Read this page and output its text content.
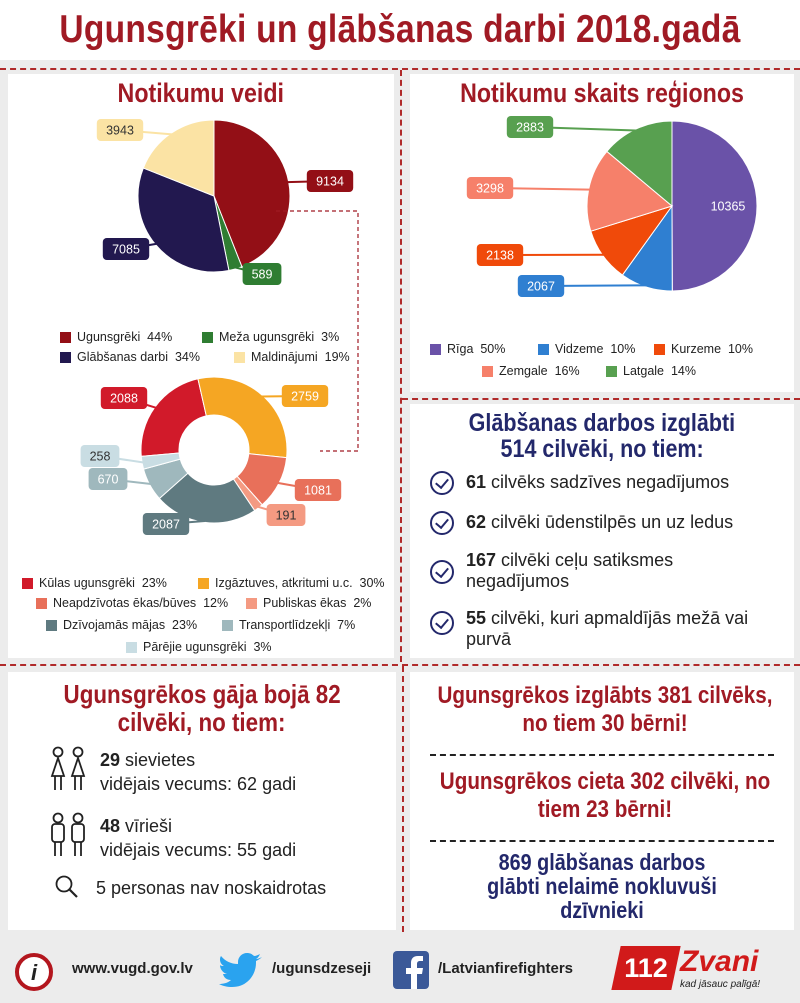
Ugunsgrēki un glābšanas darbi 2018.gadā
Notikumu veidi
9134
589
7085
3943
2088	2759
1081
191
2087
670
258
Ugunsgrēki  44%	Meža ugunsgrēki  3%
Glābšanas darbi  34%	Maldinājumi  19%
Kūlas ugunsgrēki  23%	Izgāztuves, atkritumi u.c.  30%
Neapdzīvotas ēkas/būves  12%	Publiskas ēkas  2%
Dzīvojamās mājas  23%	Transportlīdzekļi  7%
Pārējie ugunsgrēki  3%
Notikumu skaits reģionos
10365
2067
2138
3298
2883
Rīga  50%	Vidzeme  10%	Kurzeme  10%
Zemgale  16%	Latgale  14%
Glābšanas darbos izglābti
514 cilvēki, no tiem:
61 cilvēks sadzīves negadījumos
62 cilvēki ūdenstilpēs un uz ledus
167 cilvēki ceļu satiksmes negadījumos
55 cilvēki, kuri apmaldījās mežā vai purvā
Ugunsgrēkos gāja bojā 82
cilvēki, no tiem:
29 sievietes
vidējais vecums: 62 gadi
48 vīrieši
vidējais vecums: 55 gadi
5 personas nav noskaidrotas
Ugunsgrēkos izglābts 381 cilvēks, no tiem 30 bērni!
Ugunsgrēkos cieta 302 cilvēki, no tiem 23 bērni!
869 glābšanas darbos glābti nelaimē nokluvuši dzīvnieki
i www.vugd.gov.lv	/ugunsdzeseji	/Latvianfirefighters	112 Zvani
kad jāsauc palīgā!
